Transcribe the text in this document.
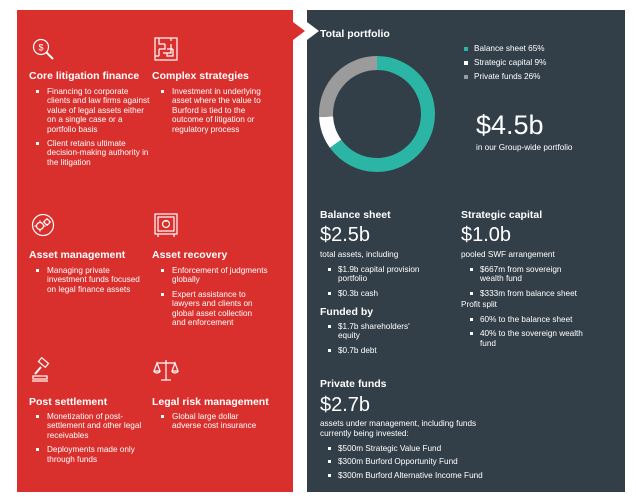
$
Core litigation finance
Financing to corporate clients and law firms against value of legal assets either on a single case or a portfolio basis
Client retains ultimate decision-making authority in the litigation
Complex strategies
Investment in underlying asset where the value to Burford is tied to the outcome of litigation or regulatory process
Asset management
Managing private investment funds focused on legal finance assets
Asset recovery
Enforcement of judgments globally
Expert assistance to lawyers and clients on global asset collection and enforcement
Post settlement
Monetization of post-settlement and other legal receivables
Deployments made only through funds
Legal risk management
Global large dollar adverse cost insurance
Total portfolio
Balance sheet 65%
Strategic capital 9%
Private funds 26%
$4.5b
in our Group-wide portfolio
Balance sheet
$2.5b
total assets, including
$1.9b capital provision portfolio
$0.3b cash
Funded by
$1.7b shareholders' equity
$0.7b debt
Strategic capital
$1.0b
pooled SWF arrangement
$667m from sovereign wealth fund
$333m from balance sheet
Profit split
60% to the balance sheet
40% to the sovereign wealth fund
Private funds
$2.7b
assets under management, including funds currently being invested:
$500m Strategic Value Fund
$300m Burford Opportunity Fund
$300m Burford Alternative Income Fund
